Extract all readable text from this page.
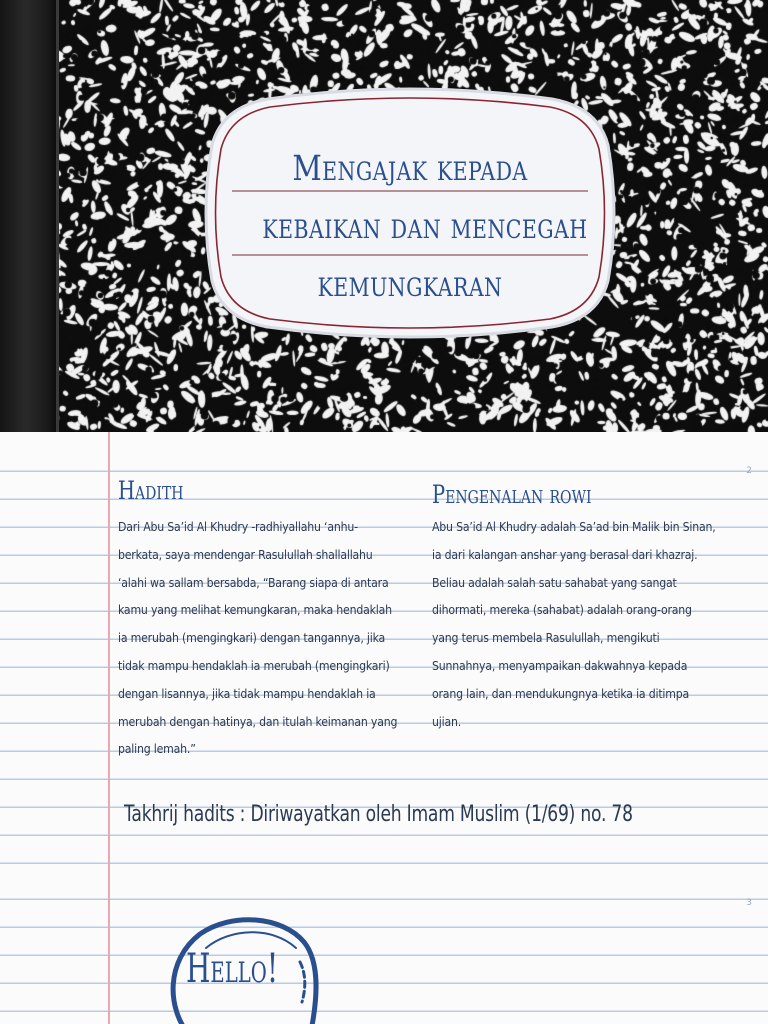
Mengajak kepada
kebaikan dan mencegah
kemungkaran
2
Hadith
Dari Abu Sa’id Al Khudry -radhiyallahu ‘anhu-
berkata, saya mendengar Rasulullah shallallahu
‘alahi wa sallam bersabda, “Barang siapa di antara
kamu yang melihat kemungkaran, maka hendaklah
ia merubah (mengingkari) dengan tangannya, jika
tidak mampu hendaklah ia merubah (mengingkari)
dengan lisannya, jika tidak mampu hendaklah ia
merubah dengan hatinya, dan itulah keimanan yang
paling lemah.”
Pengenalan rowi
Abu Sa’id Al Khudry adalah Sa’ad bin Malik bin Sinan,
ia dari kalangan anshar yang berasal dari khazraj.
Beliau adalah salah satu sahabat yang sangat
dihormati, mereka (sahabat) adalah orang-orang
yang terus membela Rasulullah, mengikuti
Sunnahnya, menyampaikan dakwahnya kepada
orang lain, dan mendukungnya ketika ia ditimpa
ujian.
Takhrij hadits : Diriwayatkan oleh Imam Muslim (1/69) no. 78
3
Hello!
